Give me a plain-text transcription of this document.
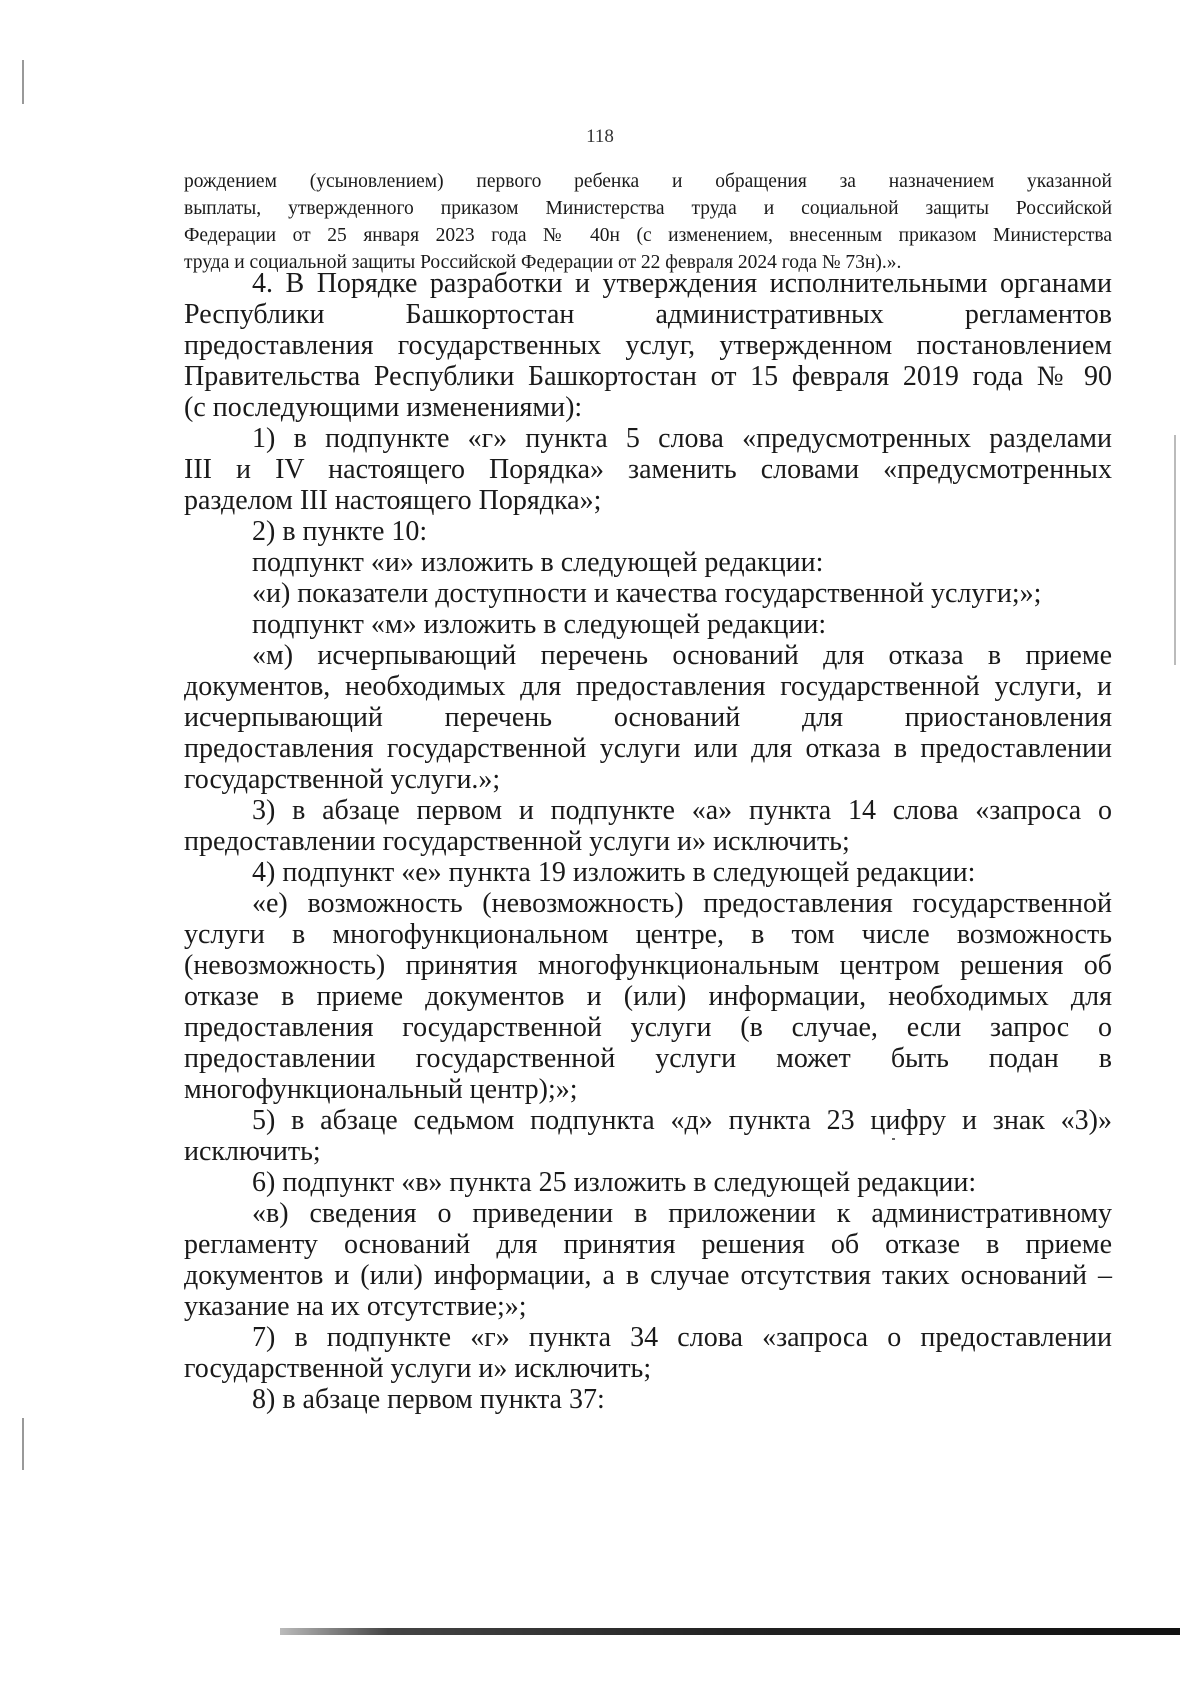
118
рождением (усыновлением) первого ребенка и обращения за назначением указанной
выплаты, утвержденного приказом Министерства труда и социальной защиты Российской
Федерации от 25 января 2023 года № 40н (с изменением, внесенным приказом Министерства
труда и социальной защиты Российской Федерации от 22 февраля 2024 года № 73н).».
4. В Порядке разработки и утверждения исполнительными органами
Республики Башкортостан административных регламентов
предоставления государственных услуг, утвержденном постановлением
Правительства Республики Башкортостан от 15 февраля 2019 года № 90
(с последующими изменениями):
1) в подпункте «г» пункта 5 слова «предусмотренных разделами
III и IV настоящего Порядка» заменить словами «предусмотренных
разделом III настоящего Порядка»;
2) в пункте 10:
подпункт «и» изложить в следующей редакции:
«и) показатели доступности и качества государственной услуги;»;
подпункт «м» изложить в следующей редакции:
«м) исчерпывающий перечень оснований для отказа в приеме
документов, необходимых для предоставления государственной услуги, и
исчерпывающий перечень оснований для приостановления
предоставления государственной услуги или для отказа в предоставлении
государственной услуги.»;
3) в абзаце первом и подпункте «а» пункта 14 слова «запроса о
предоставлении государственной услуги и» исключить;
4) подпункт «е» пункта 19 изложить в следующей редакции:
«е) возможность (невозможность) предоставления государственной
услуги в многофункциональном центре, в том числе возможность
(невозможность) принятия многофункциональным центром решения об
отказе в приеме документов и (или) информации, необходимых для
предоставления государственной услуги (в случае, если запрос о
предоставлении государственной услуги может быть подан в
многофункциональный центр);»;
5) в абзаце седьмом подпункта «д» пункта 23 цифру и знак «3)»
исключить;
6) подпункт «в» пункта 25 изложить в следующей редакции:
«в) сведения о приведении в приложении к административному
регламенту оснований для принятия решения об отказе в приеме
документов и (или) информации, а в случае отсутствия таких оснований –
указание на их отсутствие;»;
7) в подпункте «г» пункта 34 слова «запроса о предоставлении
государственной услуги и» исключить;
8) в абзаце первом пункта 37:
